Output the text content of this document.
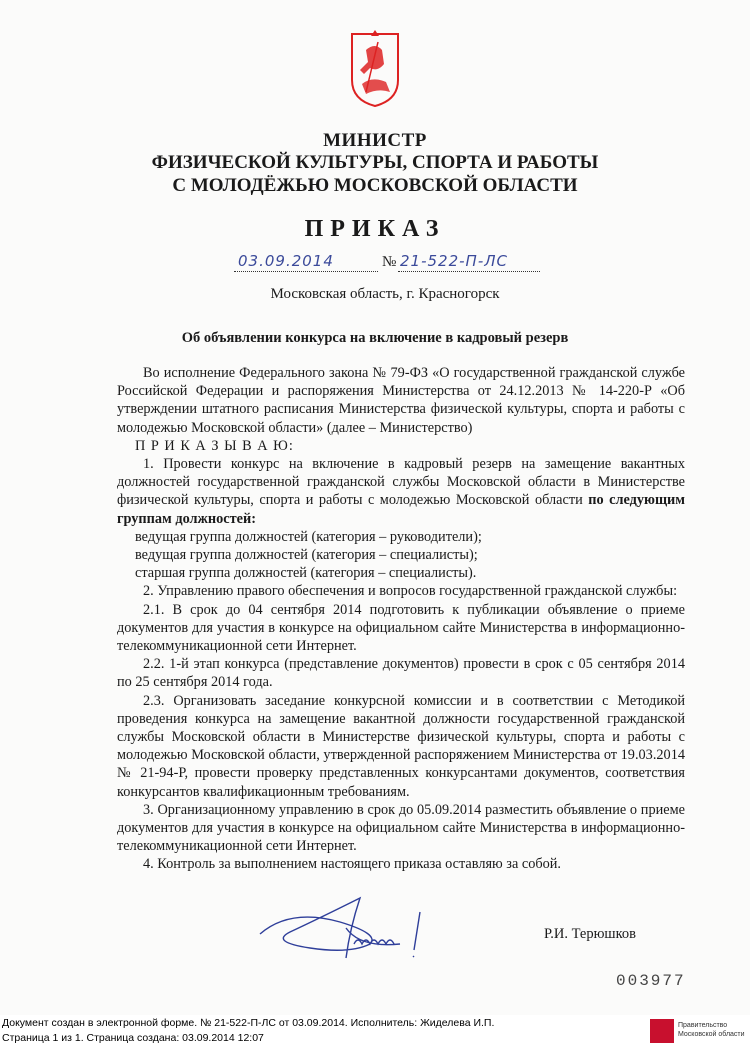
МИНИСТР
ФИЗИЧЕСКОЙ КУЛЬТУРЫ, СПОРТА И РАБОТЫ
С МОЛОДЁЖЬЮ МОСКОВСКОЙ ОБЛАСТИ
ПРИКАЗ
03.09.2014	№ 21-522-П-ЛС
Московская область, г. Красногорск
Об объявлении конкурса на включение в кадровый резерв

Во исполнение Федерального закона № 79-ФЗ «О государственной гражданской службе Российской Федерации и распоряжения Министерства от 24.12.2013 № 14-220-Р «Об утверждении штатного расписания Министерства физической культуры, спорта и работы с молодежью Московской области» (далее – Министерство)

П Р И К А З Ы В А Ю:

1. Провести конкурс на включение в кадровый резерв на замещение вакантных должностей государственной гражданской службы Московской области в Министерстве физической культуры, спорта и работы с молодежью Московской области по следующим группам должностей:

ведущая группа должностей (категория – руководители);

ведущая группа должностей (категория – специалисты);

старшая группа должностей (категория – специалисты).

2. Управлению правого обеспечения и вопросов государственной гражданской службы:

2.1. В срок до 04 сентября 2014 подготовить к публикации объявление о приеме документов для участия в конкурсе на официальном сайте Министерства в информационно-телекоммуникационной сети Интернет.

2.2. 1-й этап конкурса (представление документов) провести в срок с 05 сентября 2014 по 25 сентября 2014 года.

2.3. Организовать заседание конкурсной комиссии и в соответствии с Методикой проведения конкурса на замещение вакантной должности государственной гражданской службы Московской области в Министерстве физической культуры, спорта и работы с молодежью Московской области, утвержденной распоряжением Министерства от 19.03.2014 № 21-94-Р, провести проверку представленных конкурсантами документов, соответствия конкурсантов квалификационным требованиям.

3. Организационному управлению в срок до 05.09.2014 разместить объявление о приеме документов для участия в конкурсе на официальном сайте Министерства в информационно-телекоммуникационной сети Интернет.

4. Контроль за выполнением настоящего приказа оставляю за собой.

Р.И. Терюшков
003977
Документ создан в электронной форме. № 21-522-П-ЛС от 03.09.2014. Исполнитель: Жиделева И.П.
Страница 1 из 1. Страница создана: 03.09.2014 12:07
Правительство
Московской области
